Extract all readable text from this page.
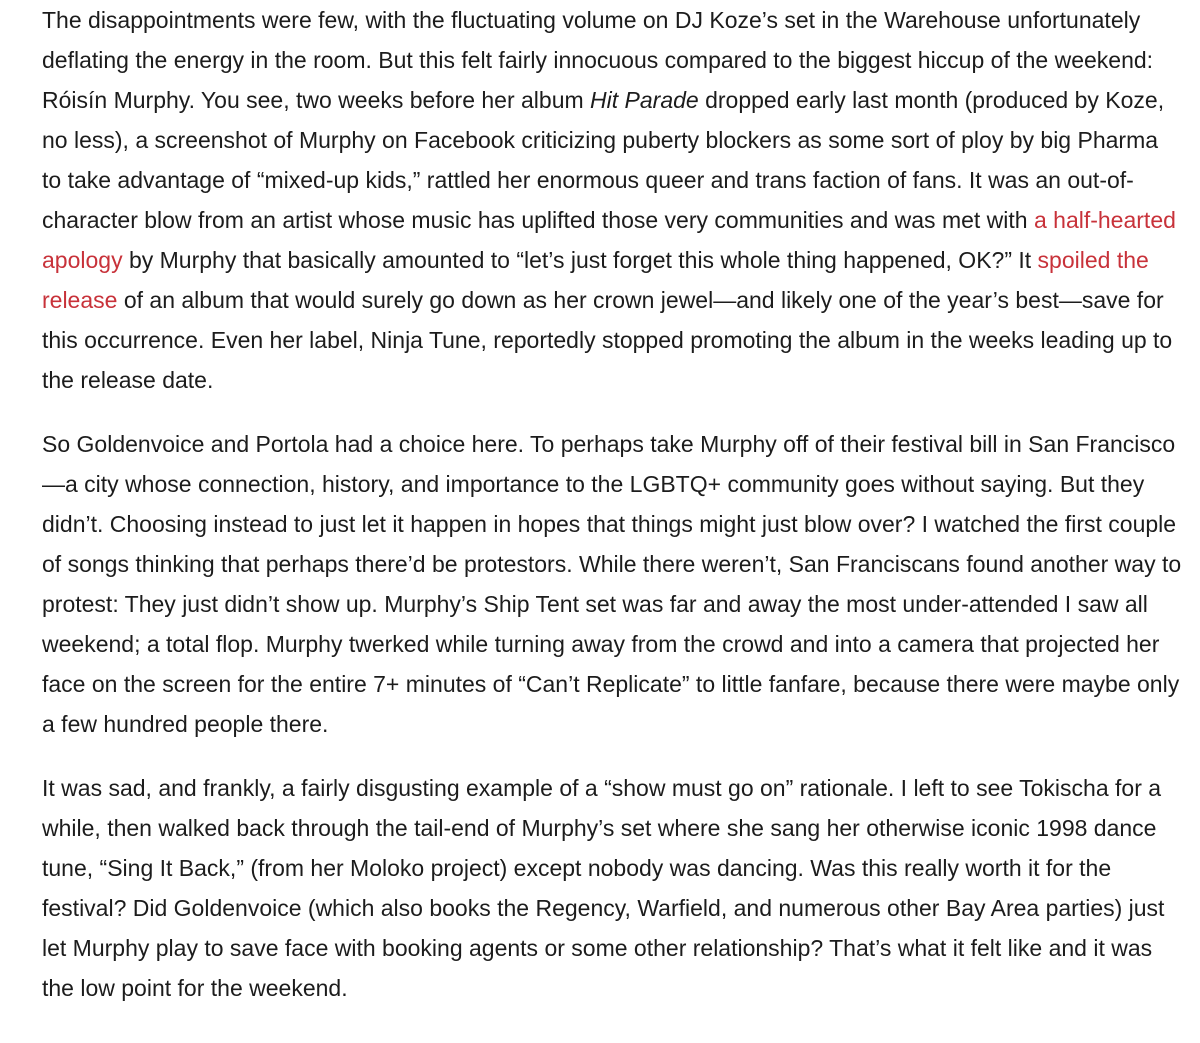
The disappointments were few, with the fluctuating volume on DJ Koze’s set in the Warehouse unfortunately deflating the energy in the room. But this felt fairly innocuous compared to the biggest hiccup of the weekend: Róisín Murphy. You see, two weeks before her album Hit Parade dropped early last month (produced by Koze, no less), a screenshot of Murphy on Facebook criticizing puberty blockers as some sort of ploy by big Pharma to take advantage of “mixed-up kids,” rattled her enormous queer and trans faction of fans. It was an out-of-character blow from an artist whose music has uplifted those very communities and was met with a half-hearted apology by Murphy that basically amounted to “let’s just forget this whole thing happened, OK?” It spoiled the release of an album that would surely go down as her crown jewel—and likely one of the year’s best—save for this occurrence. Even her label, Ninja Tune, reportedly stopped promoting the album in the weeks leading up to the release date.

So Goldenvoice and Portola had a choice here. To perhaps take Murphy off of their festival bill in San Francisco—a city whose connection, history, and importance to the LGBTQ+ community goes without saying. But they didn’t. Choosing instead to just let it happen in hopes that things might just blow over? I watched the first couple of songs thinking that perhaps there’d be protestors. While there weren’t, San Franciscans found another way to protest: They just didn’t show up. Murphy’s Ship Tent set was far and away the most under-attended I saw all weekend; a total flop. Murphy twerked while turning away from the crowd and into a camera that projected her face on the screen for the entire 7+ minutes of “Can’t Replicate” to little fanfare, because there were maybe only a few hundred people there.

It was sad, and frankly, a fairly disgusting example of a “show must go on” rationale. I left to see Tokischa for a while, then walked back through the tail-end of Murphy’s set where she sang her otherwise iconic 1998 dance tune, “Sing It Back,” (from her Moloko project) except nobody was dancing. Was this really worth it for the festival? Did Goldenvoice (which also books the Regency, Warfield, and numerous other Bay Area parties) just let Murphy play to save face with booking agents or some other relationship? That’s what it felt like and it was the low point for the weekend.
